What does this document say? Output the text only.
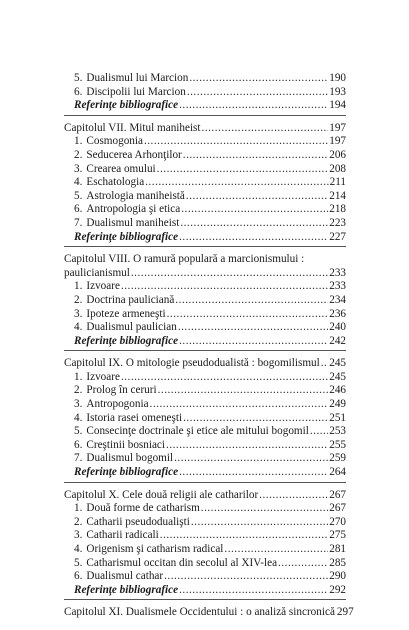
5. Dualismul lui Marcion .....	190
6. Discipolii lui Marcion .....	193
Referinţe bibliografice .....	194
Capitolul VII. Mitul maniheist .....	197
1. Cosmogonia .....	197
2. Seducerea Arhonţilor .....	206
3. Crearea omului .....	208
4. Eschatologia .....	211
5. Astrologia maniheistă .....	214
6. Antropologia şi etica .....	218
7. Dualismul maniheist .....	223
Referinţe bibliografice .....	227
Capitolul VIII. O ramură populară a marcionismului :
paulicianismul .....	233
1. Izvoare .....	233
2. Doctrina pauliciană .....	234
3. Ipoteze armeneşti .....	236
4. Dualismul paulician .....	240
Referinţe bibliografice .....	242
Capitolul IX. O mitologie pseudodualistă : bogomilismul ..... 245
1. Izvoare .....	245
2. Prolog în ceruri .....	246
3. Antropogonia .....	249
4. Istoria rasei omeneşti .....	251
5. Consecinţe doctrinale şi etice ale mitului bogomil ..... 253
6. Creştinii bosniaci .....	255
7. Dualismul bogomil .....	259
Referinţe bibliografice .....	264
Capitolul X. Cele două religii ale catharilor .....	267
1. Două forme de catharism .....	267
2. Catharii pseudodualişti .....	270
3. Catharii radicali .....	275
4. Origenism şi catharism radical .....	281
5. Catharismul occitan din secolul al XIV-lea .....	285
6. Dualismul cathar .....	290
Referinţe bibliografice .....	292
Capitolul XI. Dualismele Occidentului : o analiză sincronică 297
